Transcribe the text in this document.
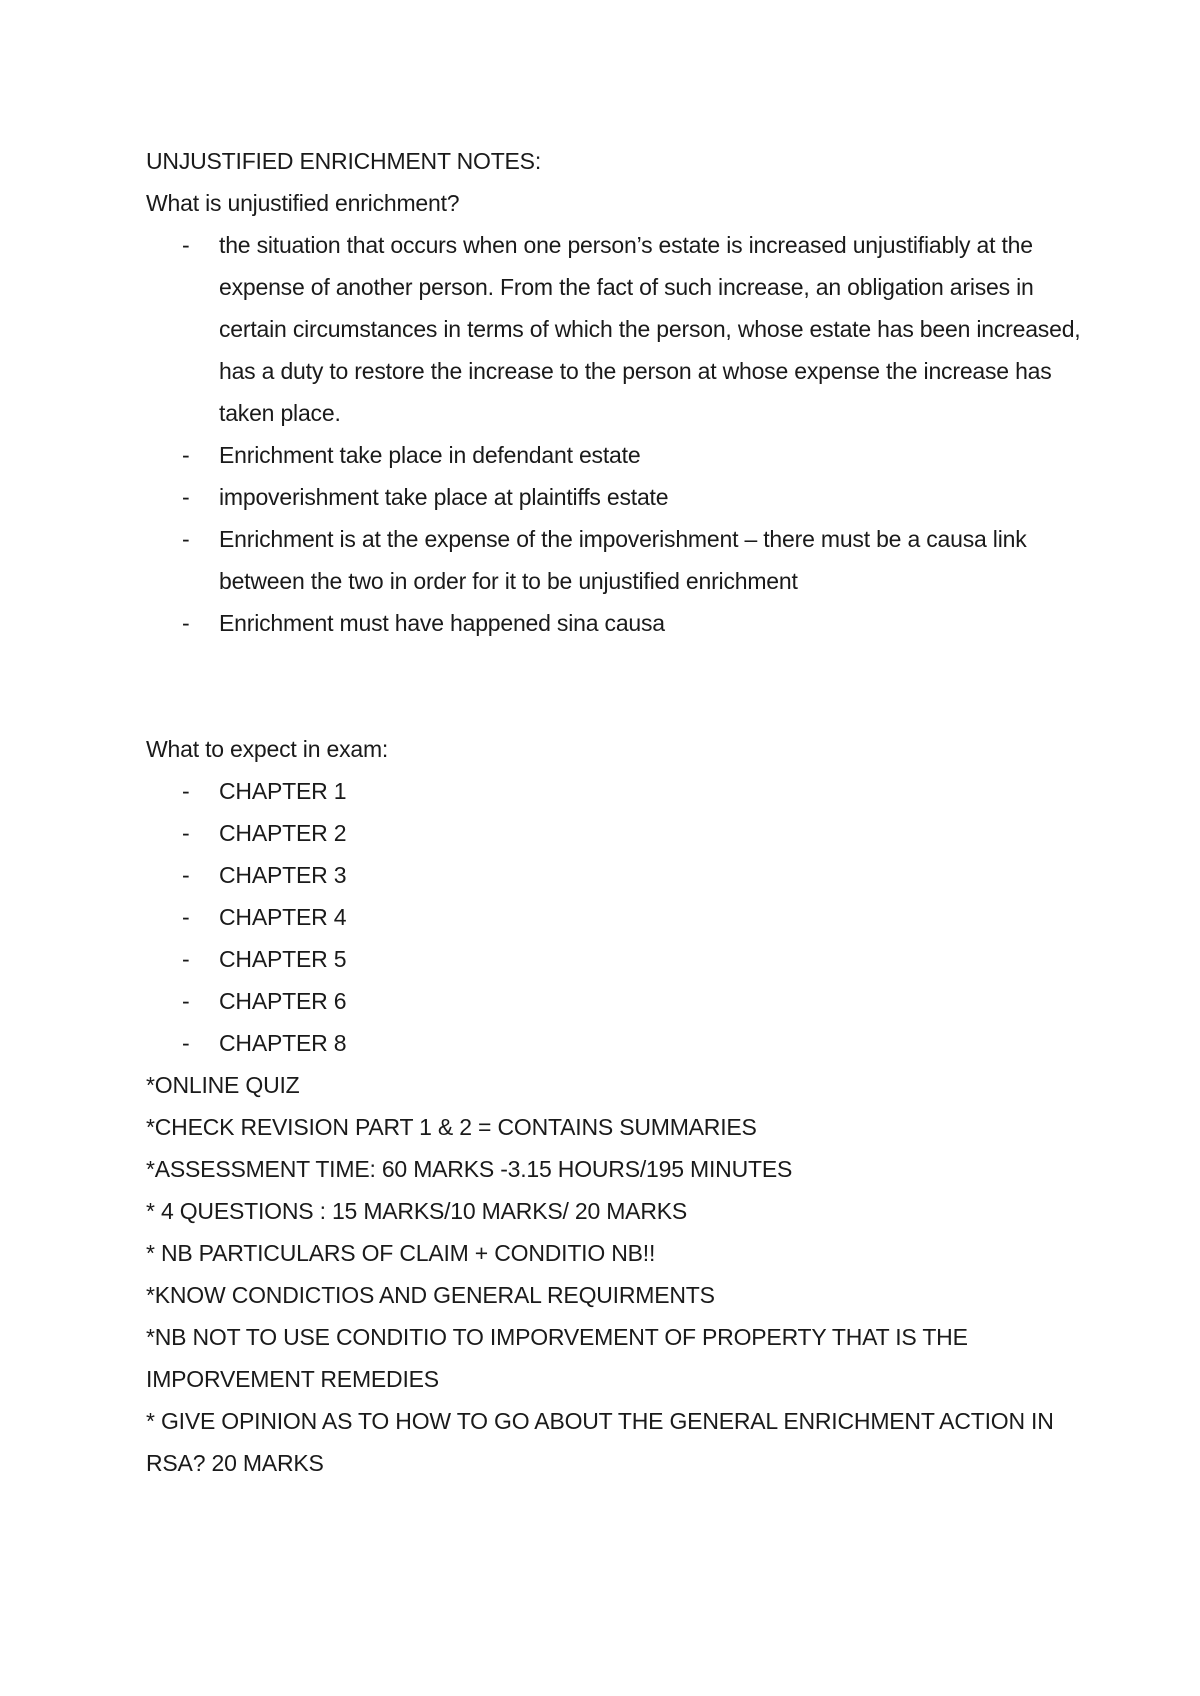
UNJUSTIFIED ENRICHMENT NOTES:

What is unjustified enrichment?

- the situation that occurs when one person’s estate is increased unjustifiably at the expense of another person. From the fact of such increase, an obligation arises in certain circumstances in terms of which the person, whose estate has been increased, has a duty to restore the increase to the person at whose expense the increase has taken place.
- Enrichment take place in defendant estate
- impoverishment take place at plaintiffs estate
- Enrichment is at the expense of the impoverishment – there must be a causa link between the two in order for it to be unjustified enrichment
- Enrichment must have happened sina causa

What to expect in exam:

- CHAPTER 1
- CHAPTER 2
- CHAPTER 3
- CHAPTER 4
- CHAPTER 5
- CHAPTER 6
- CHAPTER 8

*ONLINE QUIZ

*CHECK REVISION PART 1 & 2 = CONTAINS SUMMARIES

*ASSESSMENT TIME: 60 MARKS -3.15 HOURS/195 MINUTES

* 4 QUESTIONS : 15 MARKS/10 MARKS/ 20 MARKS

* NB PARTICULARS OF CLAIM + CONDITIO NB!!

*KNOW CONDICTIOS AND GENERAL REQUIRMENTS

*NB NOT TO USE CONDITIO TO IMPORVEMENT OF PROPERTY THAT IS THE IMPORVEMENT REMEDIES

* GIVE OPINION AS TO HOW TO GO ABOUT THE GENERAL ENRICHMENT ACTION IN RSA? 20 MARKS
